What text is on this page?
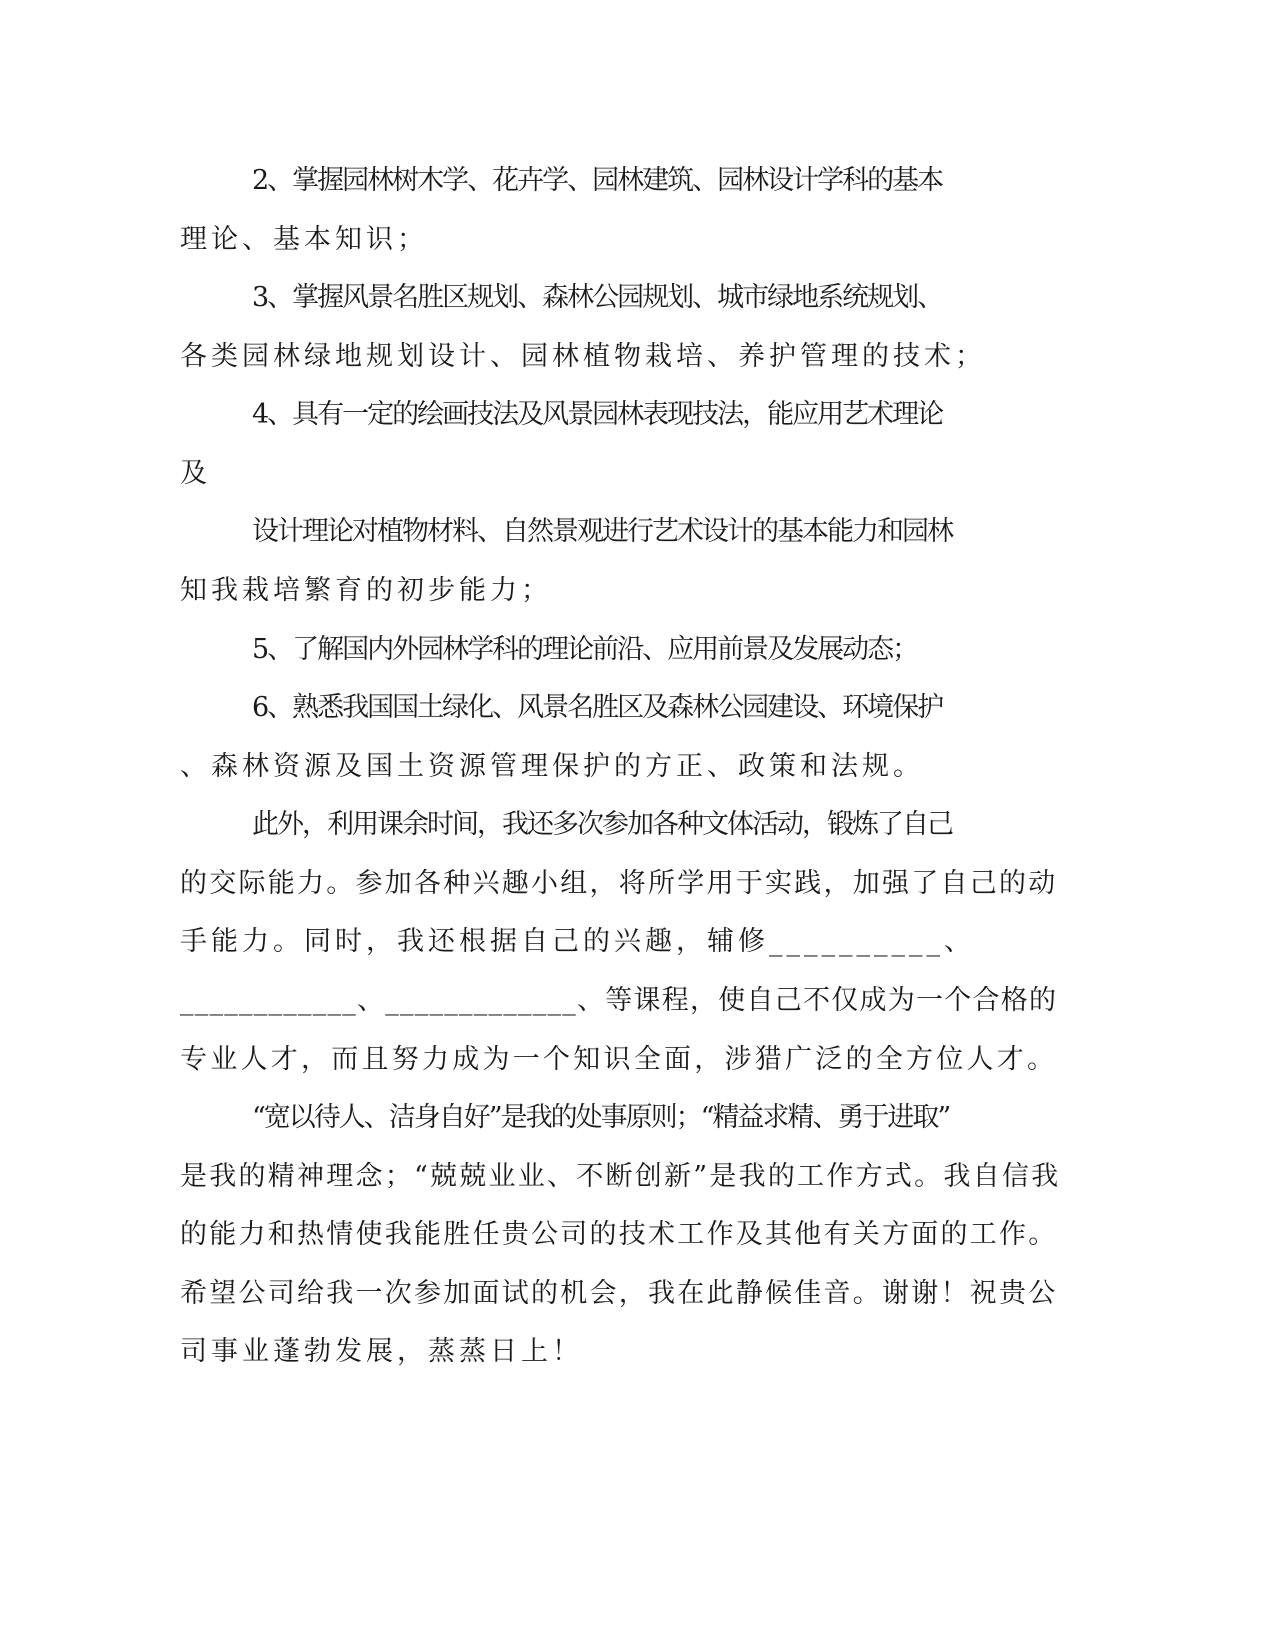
2、掌握园林树木学、花卉学、园林建筑、园林设计学科的基本

理论、基本知识；

3、掌握风景名胜区规划、森林公园规划、城市绿地系统规划、

各类园林绿地规划设计、园林植物栽培、养护管理的技术；

4、具有一定的绘画技法及风景园林表现技法，能应用艺术理论

及

设计理论对植物材料、自然景观进行艺术设计的基本能力和园林

知我栽培繁育的初步能力；

5、了解国内外园林学科的理论前沿、应用前景及发展动态；

6、熟悉我国国土绿化、风景名胜区及森林公园建设、环境保护

、森林资源及国土资源管理保护的方正、政策和法规。

此外，利用课余时间，我还多次参加各种文体活动，锻炼了自己

的交际能力。参加各种兴趣小组，将所学用于实践，加强了自己的动

手能力。同时，我还根据自己的兴趣，辅修__________、

____________、_____________、等课程，使自己不仅成为一个合格的

专业人才，而且努力成为一个知识全面，涉猎广泛的全方位人才。

“宽以待人、洁身自好”是我的处事原则；“精益求精、勇于进取”

是我的精神理念；“兢兢业业、不断创新”是我的工作方式。我自信我

的能力和热情使我能胜任贵公司的技术工作及其他有关方面的工作。

希望公司给我一次参加面试的机会，我在此静候佳音。谢谢！祝贵公

司事业蓬勃发展，蒸蒸日上！
